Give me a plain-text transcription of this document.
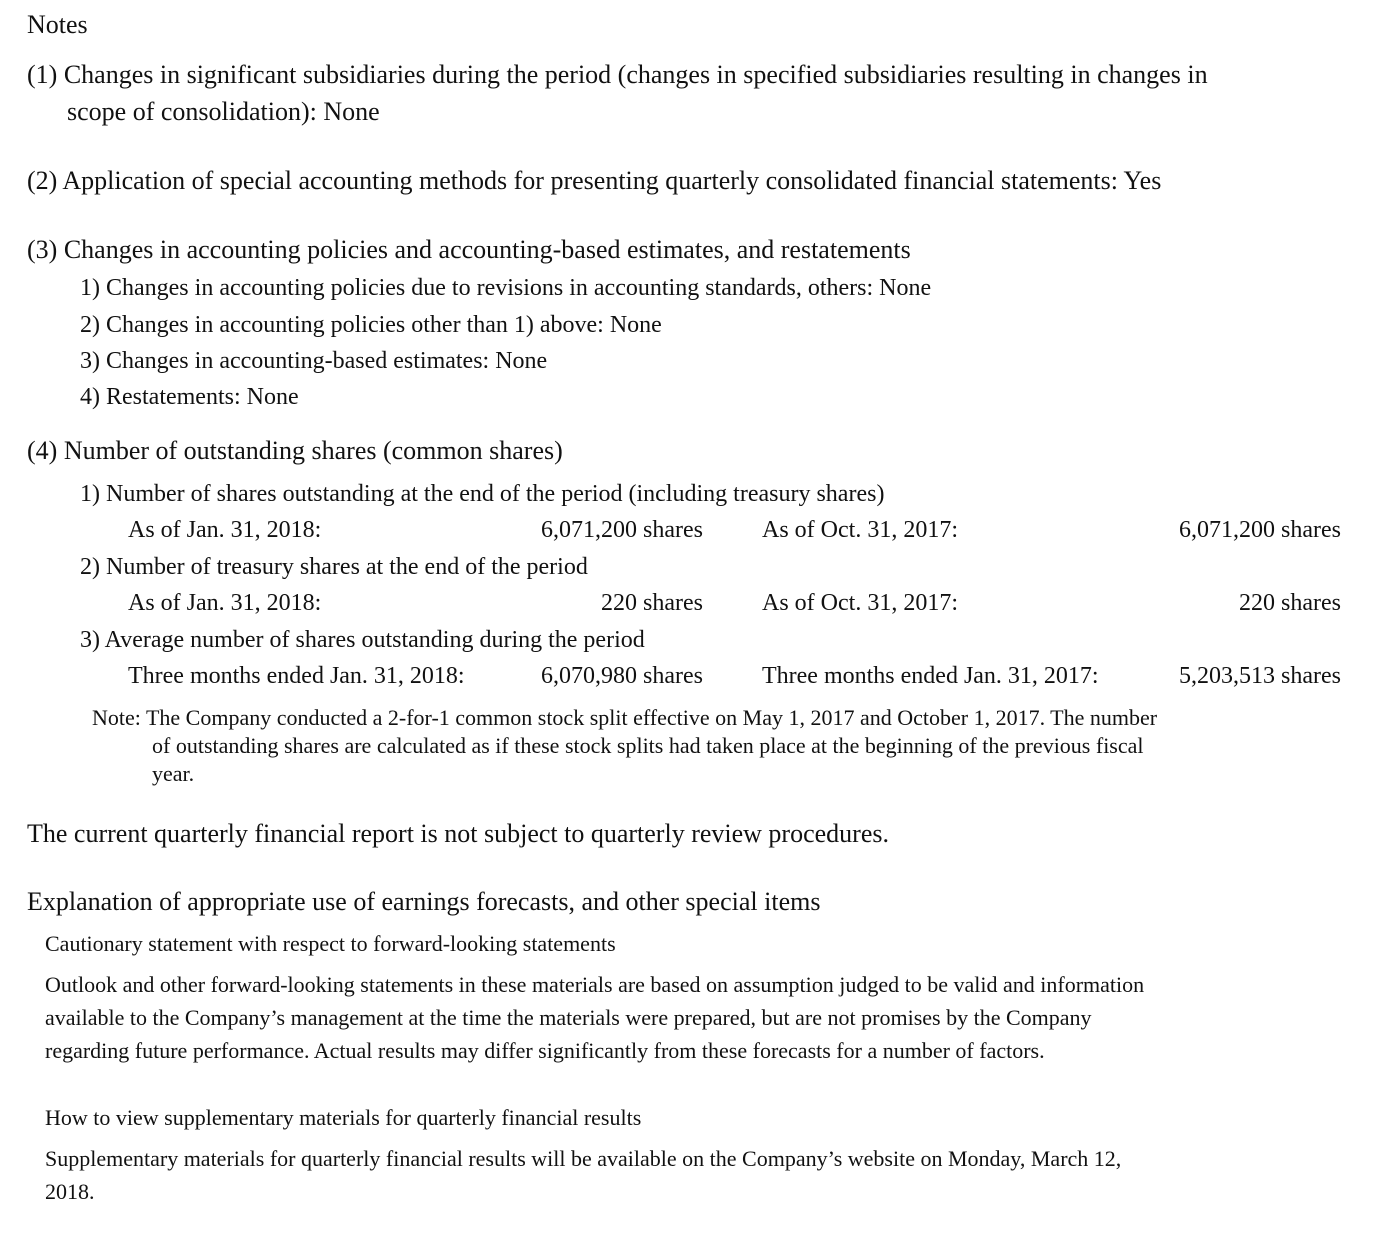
Notes
(1) Changes in significant subsidiaries during the period (changes in specified subsidiaries resulting in changes in
scope of consolidation): None
(2) Application of special accounting methods for presenting quarterly consolidated financial statements: Yes
(3) Changes in accounting policies and accounting-based estimates, and restatements
1) Changes in accounting policies due to revisions in accounting standards, others: None
2) Changes in accounting policies other than 1) above: None
3) Changes in accounting-based estimates: None
4) Restatements: None
(4) Number of outstanding shares (common shares)
1) Number of shares outstanding at the end of the period (including treasury shares)
As of Jan. 31, 2018:	6,071,200 shares As of Oct. 31, 2017:	6,071,200 shares
2) Number of treasury shares at the end of the period
As of Jan. 31, 2018:	220 shares As of Oct. 31, 2017:	220 shares
3) Average number of shares outstanding during the period
Three months ended Jan. 31, 2018:	6,070,980 shares Three months ended Jan. 31, 2017:	5,203,513 shares
Note: The Company conducted a 2-for-1 common stock split effective on May 1, 2017 and October 1, 2017. The number
of outstanding shares are calculated as if these stock splits had taken place at the beginning of the previous fiscal
year.
The current quarterly financial report is not subject to quarterly review procedures.
Explanation of appropriate use of earnings forecasts, and other special items
Cautionary statement with respect to forward-looking statements
Outlook and other forward-looking statements in these materials are based on assumption judged to be valid and information
available to the Company’s management at the time the materials were prepared, but are not promises by the Company
regarding future performance. Actual results may differ significantly from these forecasts for a number of factors.
How to view supplementary materials for quarterly financial results
Supplementary materials for quarterly financial results will be available on the Company’s website on Monday, March 12,
2018.
